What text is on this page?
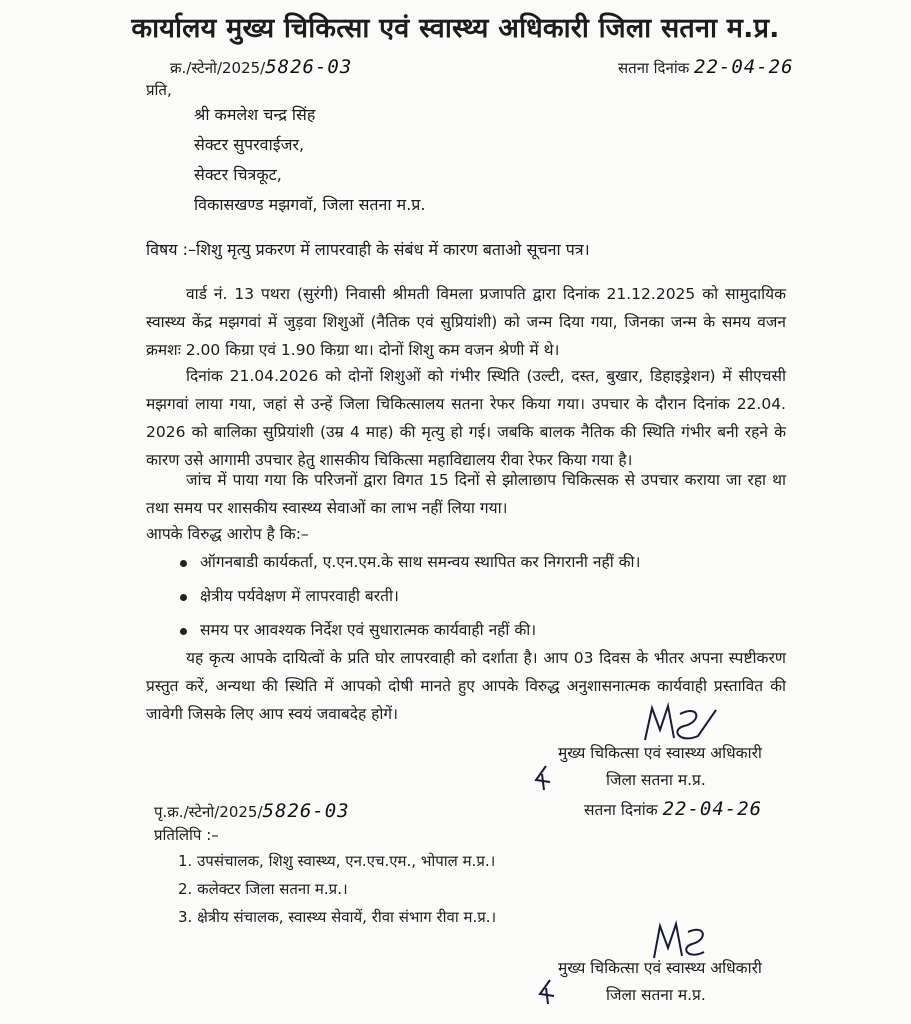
कार्यालय मुख्य चिकित्सा एवं स्वास्थ्य अधिकारी जिला सतना म.प्र.
क्र./स्टेनो/2025/5826-03	सतना दिनांक 22-04-26
प्रति,
श्री कमलेश चन्द्र सिंह
सेक्टर सुपरवाईजर,
सेक्टर चित्रकूट,
विकासखण्ड मझगवॉ, जिला सतना म.प्र.
विषय :–शिशु मृत्यु प्रकरण में लापरवाही के संबंध में कारण बताओ सूचना पत्र।
वार्ड नं. 13 पथरा (सुरंगी) निवासी श्रीमती विमला प्रजापति द्वारा दिनांक 21.12.2025 को सामुदायिक स्वास्थ्य केंद्र मझगवां में जुड़वा शिशुओं (नैतिक एवं सुप्रियांशी) को जन्म दिया गया, जिनका जन्म के समय वजन क्रमशः 2.00 किग्रा एवं 1.90 किग्रा था। दोनों शिशु कम वजन श्रेणी में थे।
दिनांक 21.04.2026 को दोनों शिशुओं को गंभीर स्थिति (उल्टी, दस्त, बुखार, डिहाइड्रेशन) में सीएचसी मझगवां लाया गया, जहां से उन्हें जिला चिकित्सालय सतना रेफर किया गया। उपचार के दौरान दिनांक 22.04. 2026 को बालिका सुप्रियांशी (उम्र 4 माह) की मृत्यु हो गई। जबकि बालक नैतिक की स्थिति गंभीर बनी रहने के कारण उसे आगामी उपचार हेतु शासकीय चिकित्सा महाविद्यालय रीवा रेफर किया गया है।
जांच में पाया गया कि परिजनों द्वारा विगत 15 दिनों से झोलाछाप चिकित्सक से उपचार कराया जा रहा था तथा समय पर शासकीय स्वास्थ्य सेवाओं का लाभ नहीं लिया गया।
आपके विरुद्ध आरोप है कि:–
ऑगनबाडी कार्यकर्ता, ए.एन.एम.के साथ समन्वय स्थापित कर निगरानी नहीं की।
क्षेत्रीय पर्यवेक्षण में लापरवाही बरती।
समय पर आवश्यक निर्देश एवं सुधारात्मक कार्यवाही नहीं की।
यह कृत्य आपके दायित्वों के प्रति घोर लापरवाही को दर्शाता है। आप 03 दिवस के भीतर अपना स्पष्टीकरण प्रस्तुत करें, अन्यथा की स्थिति में आपको दोषी मानते हुए आपके विरुद्ध अनुशासनात्मक कार्यवाही प्रस्तावित की जावेगी जिसके लिए आप स्वयं जवाबदेह होगें।
मुख्य चिकित्सा एवं स्वास्थ्य अधिकारी
जिला सतना म.प्र.
सतना दिनांक 22-04-26
पृ.क्र./स्टेनो/2025/5826-03
प्रतिलिपि :–
1. उपसंचालक, शिशु स्वास्थ्य, एन.एच.एम., भोपाल म.प्र.।
2. कलेक्टर जिला सतना म.प्र.।
3. क्षेत्रीय संचालक, स्वास्थ्य सेवायें, रीवा संभाग रीवा म.प्र.।
मुख्य चिकित्सा एवं स्वास्थ्य अधिकारी
जिला सतना म.प्र.
